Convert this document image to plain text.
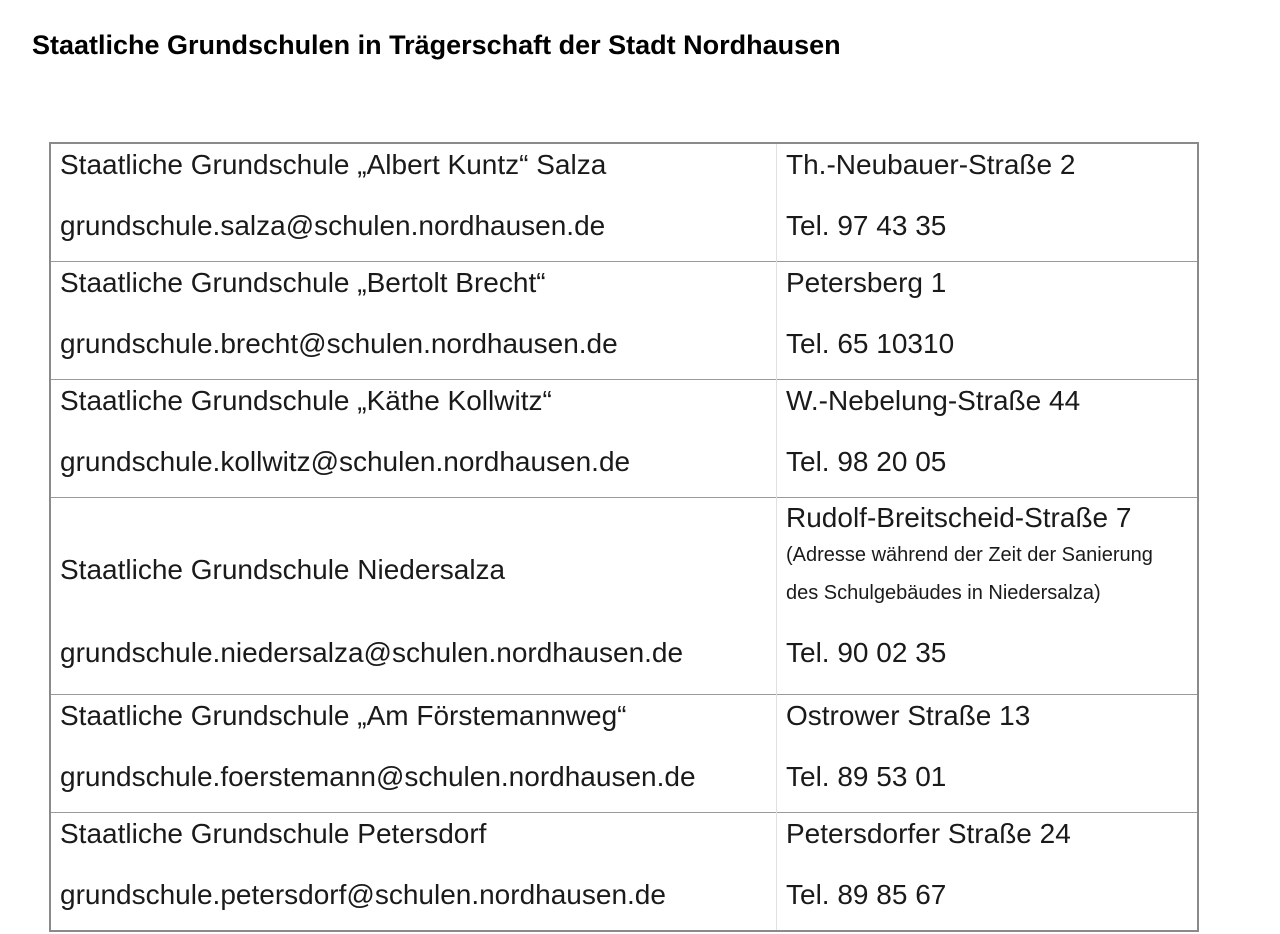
Staatliche Grundschulen in Trägerschaft der Stadt Nordhausen
Staatliche Grundschule „Albert Kuntz“ Salza	Th.-Neubauer-Straße 2

grundschule.salza@schulen.nordhausen.de	Tel. 97 43 35

Staatliche Grundschule „Bertolt Brecht“	Petersberg 1

grundschule.brecht@schulen.nordhausen.de	Tel. 65 10310

Staatliche Grundschule „Käthe Kollwitz“	W.-Nebelung-Straße 44

grundschule.kollwitz@schulen.nordhausen.de	Tel. 98 20 05

Staatliche Grundschule Niedersalza	Rudolf-Breitscheid-Straße 7
(Adresse während der Zeit der Sanierung
des Schulgebäudes in Niedersalza)

grundschule.niedersalza@schulen.nordhausen.de	Tel. 90 02 35

Staatliche Grundschule „Am Förstemannweg“	Ostrower Straße 13

grundschule.foerstemann@schulen.nordhausen.de	Tel. 89 53 01

Staatliche Grundschule Petersdorf	Petersdorfer Straße 24

grundschule.petersdorf@schulen.nordhausen.de	Tel. 89 85 67
